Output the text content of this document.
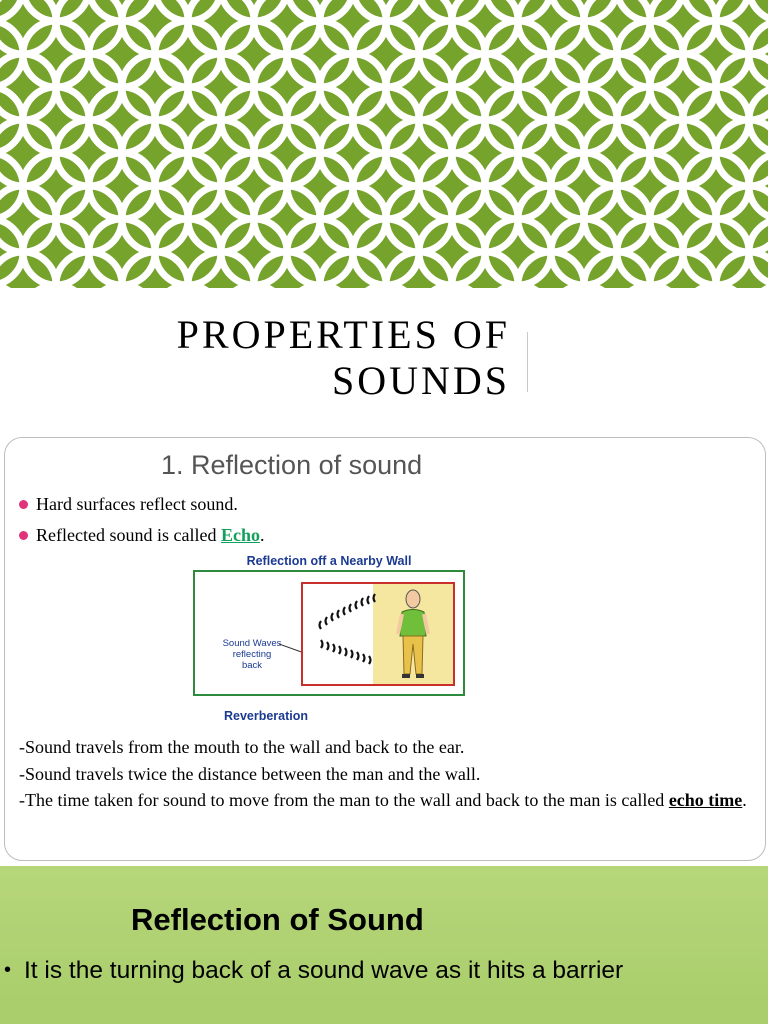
PROPERTIES OF
SOUNDS
1. Reflection of sound
Hard surfaces reflect sound.
Reflected sound is called Echo .
Reflection off a Nearby Wall
Sound Waves
reflecting
back
Reverberation

-Sound travels from the mouth to the wall and back to the ear.

-Sound travels twice the distance between the man and the wall.

-The time taken for sound to move from the man to the wall and back to the man is called echo time.

Reflection of Sound
• It is the turning back of a sound wave as it hits a barrier
